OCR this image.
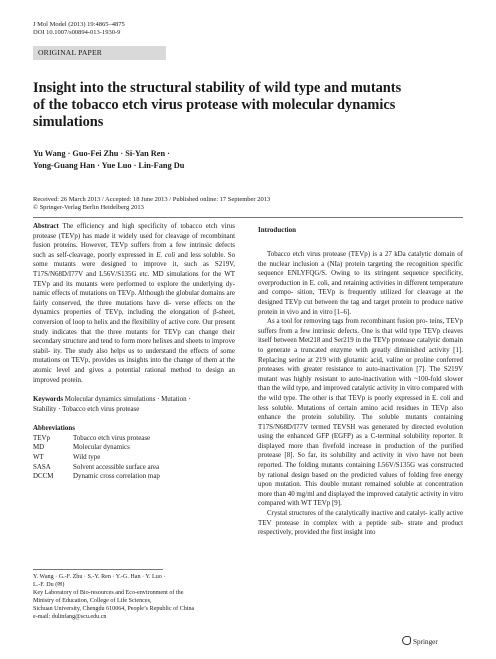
J Mol Model (2013) 19:4865–4875
DOI 10.1007/s00894-013-1930-9
ORIGINAL PAPER
Insight into the structural stability of wild type and mutants
of the tobacco etch virus protease with molecular dynamics
simulations
Yu Wang · Guo-Fei Zhu · Si-Yan Ren ·
Yong-Guang Han · Yue Luo · Lin-Fang Du
Received: 26 March 2013 / Accepted: 18 June 2013 / Published online: 17 September 2013
© Springer-Verlag Berlin Heidelberg 2013

Abstract The efficiency and high specificity of tobacco etch virus protease (TEVp) has made it widely used for cleavage of recombinant fusion proteins. However, TEVp suffers from a few intrinsic defects such as self-cleavage, poorly expressed in E. coli and less soluble. So some mutants were designed to improve it, such as S219V, T17S/N68D/I77V and L56V/S135G etc. MD simulations for the WT TEVp and its mutants were performed to explore the underlying dy- namic effects of mutations on TEVp. Although the globular domains are fairly conserved, the three mutations have di- verse effects on the dynamics properties of TEVp, including the elongation of β-sheet, conversion of loop to helix and the flexibility of active core. Our present study indicates that the three mutants for TEVp can change their secondary structure and tend to form more helixes and sheets to improve stabil- ity. The study also helps us to understand the effects of some mutations on TEVp, provides us insights into the change of them at the atomic level and gives a potential rational method to design an improved protein.

Keywords Molecular dynamics simulations · Mutation ·
Stability · Tobacco etch virus protease

Abbreviations

TEVp	Tobacco etch virus protease
MD	Molecular dynamics
WT	Wild type
SASA	Solvent accessible surface area
DCCM	Dynamic cross correlation map

Y. Wang · G.-F. Zhu · S.-Y. Ren · Y.-G. Han · Y. Luo ·

L.-F. Du (✉)

Key Laboratory of Bio-resources and Eco-environment of the

Ministry of Education, College of Life Sciences,

Sichuan University, Chengdu 610064, People’s Republic of China

e-mail: dulinfang@scu.edu.cn

Introduction

Tobacco etch virus protease (TEVp) is a 27 kDa catalytic domain of the nuclear inclusion a (NIa) protein targeting the recognition specific sequence ENLYFQG/S. Owing to its stringent sequence specificity, overproduction in E. coli, and retaining activities in different temperature and compo- sition, TEVp is frequently utilized for cleavage at the designed TEVp cut between the tag and target protein to produce native protein in vivo and in vitro [1–6].

As a tool for removing tags from recombinant fusion pro- teins, TEVp suffers from a few intrinsic defects. One is that wild type TEVp cleaves itself between Met218 and Ser219 in the TEVp protease catalytic domain to generate a truncated enzyme with greatly diminished activity [1]. Replacing serine at 219 with glutamic acid, valine or proline conferred proteases with greater resistance to auto-inactivation [7]. The S219V mutant was highly resistant to auto-inactivation with ~100-fold slower than the wild type, and improved catalytic activity in vitro compared with the wild type. The other is that TEVp is poorly expressed in E. coli and less soluble. Mutations of certain amino acid residues in TEVp also enhance the protein solubility. The soluble mutants containing T17S/N68D/I77V termed TEVSH was generated by directed evolution using the enhanced GFP (EGFP) as a C-terminal solubility reporter. It displayed more than fivefold increase in production of the purified protease [8]. So far, its solubility and activity in vivo have not been reported. The folding mutants containing L56V/S135G was constructed by rational design based on the predicted values of folding free energy upon mutation. This double mutant remained soluble at concentration more than 40 mg/ml and displayed the improved catalytic activity in vitro compared with WT TEVp [9].

Crystal structures of the catalytically inactive and catalyt- ically active TEV protease in complex with a peptide sub- strate and product respectively, provided the first insight into

Springer
